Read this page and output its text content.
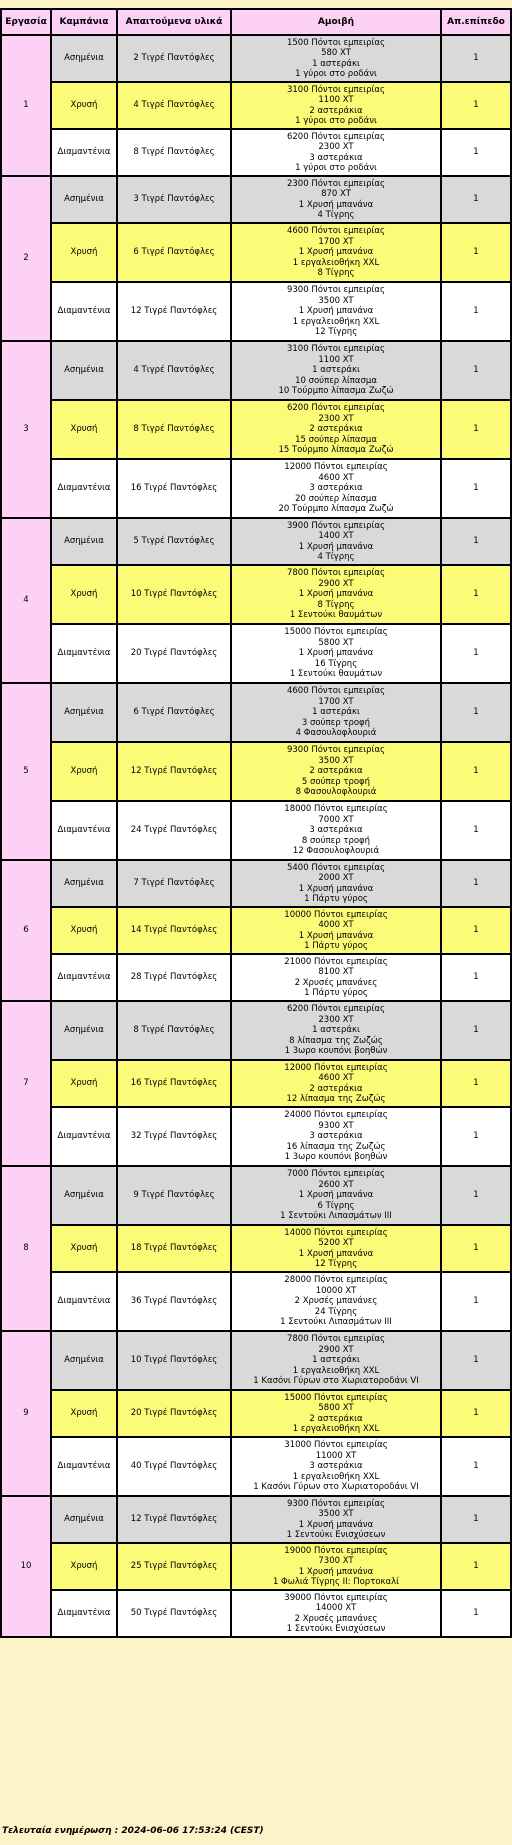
Εργασία	Καμπάνια	Απαιτούμενα υλικά	Αμοιβή	Απ.επίπεδο
1	Ασημένια	2 Τιγρέ Παντόφλες	1500 Πόντοι εμπειρίας
580 XT
1 αστεράκι
1 γύροι στο ροδάνι	1
	Χρυσή	4 Τιγρέ Παντόφλες	3100 Πόντοι εμπειρίας
1100 XT
2 αστεράκια
1 γύροι στο ροδάνι	1
	Διαμαντένια	8 Τιγρέ Παντόφλες	6200 Πόντοι εμπειρίας
2300 XT
3 αστεράκια
1 γύροι στο ροδάνι	1
2	Ασημένια	3 Τιγρέ Παντόφλες	2300 Πόντοι εμπειρίας
870 XT
1 Χρυσή μπανάνα
4 Τίγρης	1
	Χρυσή	6 Τιγρέ Παντόφλες	4600 Πόντοι εμπειρίας
1700 XT
1 Χρυσή μπανάνα
1 εργαλειοθήκη XXL
8 Τίγρης	1
	Διαμαντένια	12 Τιγρέ Παντόφλες	9300 Πόντοι εμπειρίας
3500 XT
1 Χρυσή μπανάνα
1 εργαλειοθήκη XXL
12 Τίγρης	1
3	Ασημένια	4 Τιγρέ Παντόφλες	3100 Πόντοι εμπειρίας
1100 XT
1 αστεράκι
10 σούπερ λίπασμα
10 Τούρμπο λίπασμα Ζωζώ	1
	Χρυσή	8 Τιγρέ Παντόφλες	6200 Πόντοι εμπειρίας
2300 XT
2 αστεράκια
15 σούπερ λίπασμα
15 Τούρμπο λίπασμα Ζωζώ	1
	Διαμαντένια	16 Τιγρέ Παντόφλες	12000 Πόντοι εμπειρίας
4600 XT
3 αστεράκια
20 σούπερ λίπασμα
20 Τούρμπο λίπασμα Ζωζώ	1
4	Ασημένια	5 Τιγρέ Παντόφλες	3900 Πόντοι εμπειρίας
1400 XT
1 Χρυσή μπανάνα
4 Τίγρης	1
	Χρυσή	10 Τιγρέ Παντόφλες	7800 Πόντοι εμπειρίας
2900 XT
1 Χρυσή μπανάνα
8 Τίγρης
1 Σεντούκι θαυμάτων	1
	Διαμαντένια	20 Τιγρέ Παντόφλες	15000 Πόντοι εμπειρίας
5800 XT
1 Χρυσή μπανάνα
16 Τίγρης
1 Σεντούκι θαυμάτων	1
5	Ασημένια	6 Τιγρέ Παντόφλες	4600 Πόντοι εμπειρίας
1700 XT
1 αστεράκι
3 σούπερ τροφή
4 Φασουλοφλουριά	1
	Χρυσή	12 Τιγρέ Παντόφλες	9300 Πόντοι εμπειρίας
3500 XT
2 αστεράκια
5 σούπερ τροφή
8 Φασουλοφλουριά	1
	Διαμαντένια	24 Τιγρέ Παντόφλες	18000 Πόντοι εμπειρίας
7000 XT
3 αστεράκια
8 σούπερ τροφή
12 Φασουλοφλουριά	1
6	Ασημένια	7 Τιγρέ Παντόφλες	5400 Πόντοι εμπειρίας
2000 XT
1 Χρυσή μπανάνα
1 Πάρτυ γύρος	1
	Χρυσή	14 Τιγρέ Παντόφλες	10000 Πόντοι εμπειρίας
4000 XT
1 Χρυσή μπανάνα
1 Πάρτυ γύρος	1
	Διαμαντένια	28 Τιγρέ Παντόφλες	21000 Πόντοι εμπειρίας
8100 XT
2 Χρυσές μπανάνες
1 Πάρτυ γύρος	1
7	Ασημένια	8 Τιγρέ Παντόφλες	6200 Πόντοι εμπειρίας
2300 XT
1 αστεράκι
8 λίπασμα της Ζωζώς
1 3ωρο κουπόνι βοηθών	1
	Χρυσή	16 Τιγρέ Παντόφλες	12000 Πόντοι εμπειρίας
4600 XT
2 αστεράκια
12 λίπασμα της Ζωζώς	1
	Διαμαντένια	32 Τιγρέ Παντόφλες	24000 Πόντοι εμπειρίας
9300 XT
3 αστεράκια
16 λίπασμα της Ζωζώς
1 3ωρο κουπόνι βοηθών	1
8	Ασημένια	9 Τιγρέ Παντόφλες	7000 Πόντοι εμπειρίας
2600 XT
1 Χρυσή μπανάνα
6 Τίγρης
1 Σεντούκι Λιπασμάτων III	1
	Χρυσή	18 Τιγρέ Παντόφλες	14000 Πόντοι εμπειρίας
5200 XT
1 Χρυσή μπανάνα
12 Τίγρης	1
	Διαμαντένια	36 Τιγρέ Παντόφλες	28000 Πόντοι εμπειρίας
10000 XT
2 Χρυσές μπανάνες
24 Τίγρης
1 Σεντούκι Λιπασμάτων III	1
9	Ασημένια	10 Τιγρέ Παντόφλες	7800 Πόντοι εμπειρίας
2900 XT
1 αστεράκι
1 εργαλειοθήκη XXL
1 Κασόνι Γύρων στο Χωριατοροδάνι VI	1
	Χρυσή	20 Τιγρέ Παντόφλες	15000 Πόντοι εμπειρίας
5800 XT
2 αστεράκια
1 εργαλειοθήκη XXL	1
	Διαμαντένια	40 Τιγρέ Παντόφλες	31000 Πόντοι εμπειρίας
11000 XT
3 αστεράκια
1 εργαλειοθήκη XXL
1 Κασόνι Γύρων στο Χωριατοροδάνι VI	1
10	Ασημένια	12 Τιγρέ Παντόφλες	9300 Πόντοι εμπειρίας
3500 XT
1 Χρυσή μπανάνα
1 Σεντούκι Ενισχύσεων	1
	Χρυσή	25 Τιγρέ Παντόφλες	19000 Πόντοι εμπειρίας
7300 XT
1 Χρυσή μπανάνα
1 Φωλιά Τίγρης II: Πορτοκαλί	1
	Διαμαντένια	50 Τιγρέ Παντόφλες	39000 Πόντοι εμπειρίας
14000 XT
2 Χρυσές μπανάνες
1 Σεντούκι Ενισχύσεων	1
Τελευταία ενημέρωση : 2024-06-06 17:53:24 (CEST)
